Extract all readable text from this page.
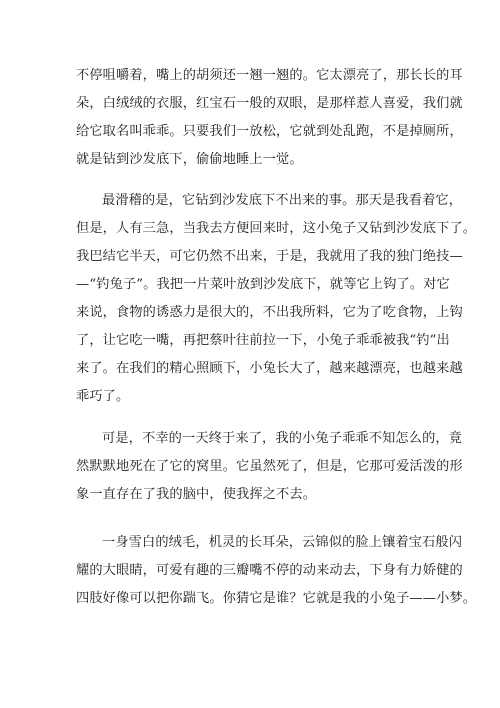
不停咀嚼着，嘴上的胡须还一翘一翘的。它太漂亮了，那长长的耳
朵，白绒绒的衣服，红宝石一般的双眼，是那样惹人喜爱，我们就
给它取名叫乖乖。只要我们一放松，它就到处乱跑，不是掉厕所，
就是钻到沙发底下，偷偷地睡上一觉。
最滑稽的是，它钻到沙发底下不出来的事。那天是我看着它，
但是，人有三急，当我去方便回来时，这小兔子又钻到沙发底下了。
我巴结它半天，可它仍然不出来，于是，我就用了我的独门绝技—
—“钓兔子”。我把一片菜叶放到沙发底下，就等它上钩了。对它
来说，食物的诱惑力是很大的，不出我所料，它为了吃食物，上钩
了，让它吃一嘴，再把蔡叶往前拉一下，小兔子乖乖被我“钓”出
来了。在我们的精心照顾下，小兔长大了，越来越漂亮，也越来越
乖巧了。
可是，不幸的一天终于来了，我的小兔子乖乖不知怎么的，竟
然默默地死在了它的窝里。它虽然死了，但是，它那可爱活泼的形
象一直存在了我的脑中，使我挥之不去。
一身雪白的绒毛，机灵的长耳朵，云锦似的脸上镶着宝石般闪
耀的大眼睛，可爱有趣的三瓣嘴不停的动来动去，下身有力娇健的
四肢好像可以把你踹飞。你猜它是谁？它就是我的小兔子——小梦。
